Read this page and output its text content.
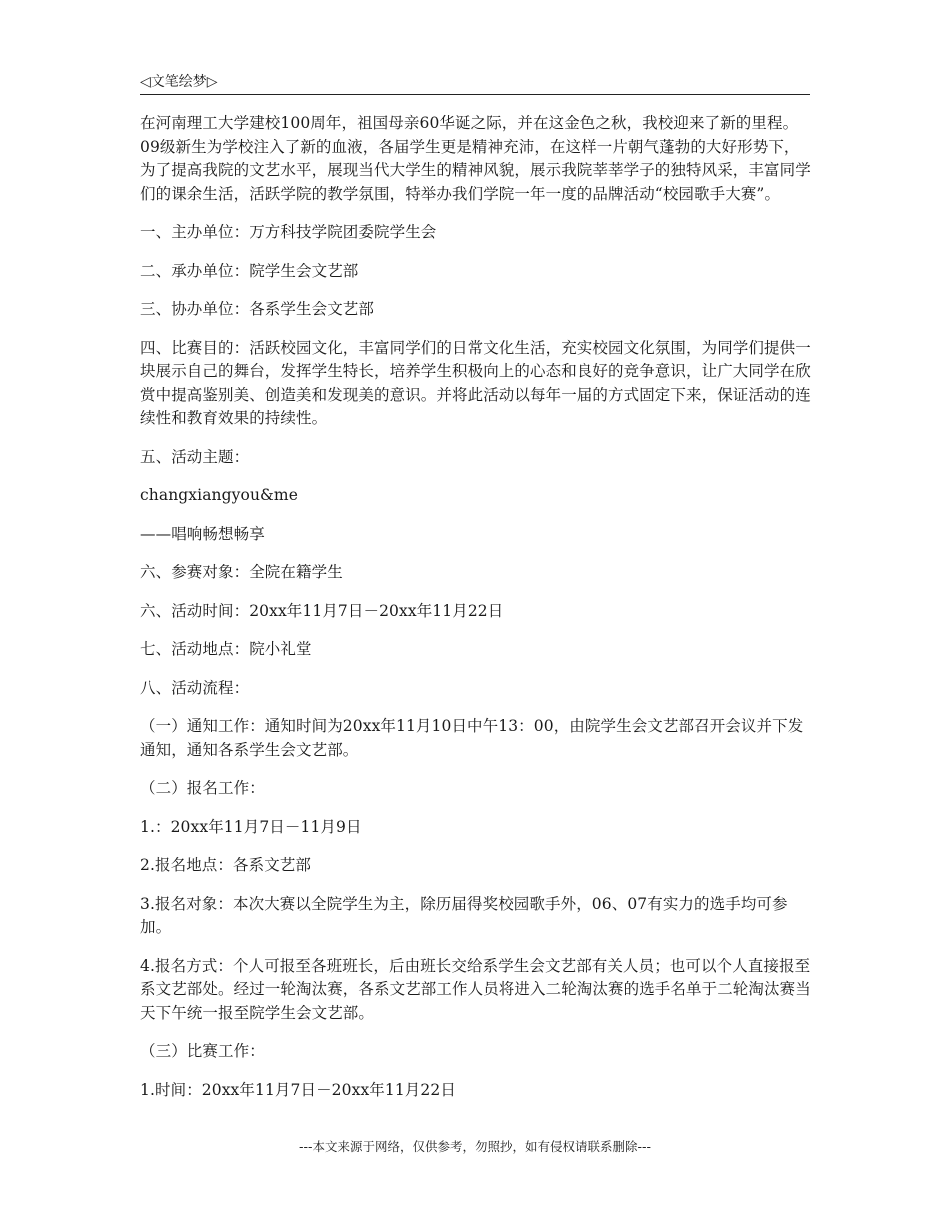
◁文笔绘梦▷

在河南理工大学建校100周年，祖国母亲60华诞之际，并在这金色之秋，我校迎来了新的里程。09级新生为学校注入了新的血液，各届学生更是精神充沛，在这样一片朝气蓬勃的大好形势下，为了提高我院的文艺水平，展现当代大学生的精神风貌，展示我院莘莘学子的独特风采，丰富同学们的课余生活，活跃学院的教学氛围，特举办我们学院一年一度的品牌活动“校园歌手大赛”。

一、主办单位：万方科技学院团委院学生会

二、承办单位：院学生会文艺部

三、协办单位：各系学生会文艺部

四、比赛目的：活跃校园文化，丰富同学们的日常文化生活，充实校园文化氛围，为同学们提供一块展示自己的舞台，发挥学生特长，培养学生积极向上的心态和良好的竞争意识，让广大同学在欣赏中提高鉴别美、创造美和发现美的意识。并将此活动以每年一届的方式固定下来，保证活动的连续性和教育效果的持续性。

五、活动主题：

changxiangyou&me

——唱响畅想畅享

六、参赛对象：全院在籍学生

六、活动时间：20xx年11月7日－20xx年11月22日

七、活动地点：院小礼堂

八、活动流程：

（一）通知工作：通知时间为20xx年11月10日中午13：00，由院学生会文艺部召开会议并下发通知，通知各系学生会文艺部。

（二）报名工作：

1.：20xx年11月7日－11月9日

2.报名地点：各系文艺部

3.报名对象：本次大赛以全院学生为主，除历届得奖校园歌手外，06、07有实力的选手均可参加。

4.报名方式：个人可报至各班班长，后由班长交给系学生会文艺部有关人员；也可以个人直接报至系文艺部处。经过一轮淘汰赛，各系文艺部工作人员将进入二轮淘汰赛的选手名单于二轮淘汰赛当天下午统一报至院学生会文艺部。

（三）比赛工作：

1.时间：20xx年11月7日－20xx年11月22日

---本文来源于网络，仅供参考，勿照抄，如有侵权请联系删除---
